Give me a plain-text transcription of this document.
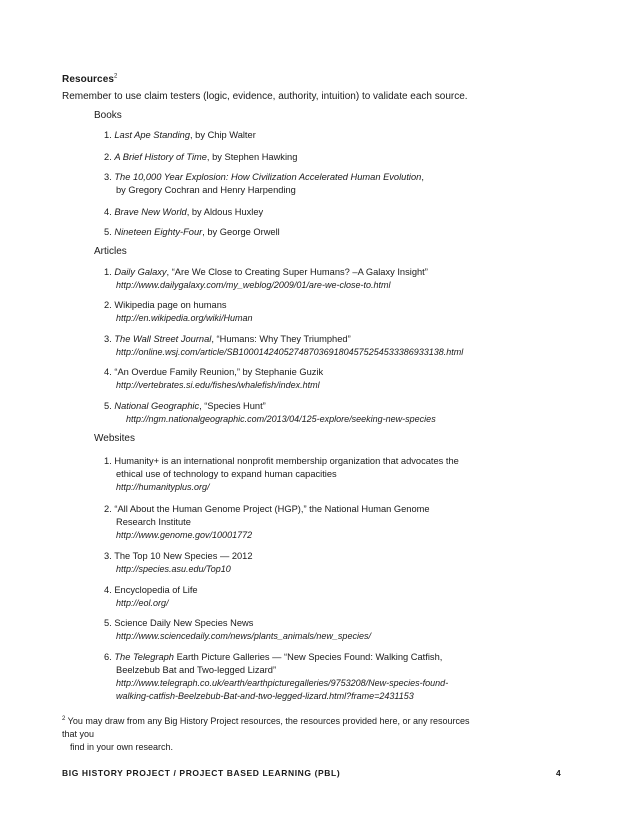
Resources$^2$
Remember to use claim testers (logic, evidence, authority, intuition) to validate each source.
Books
1. Last Ape Standing, by Chip Walter
2. A Brief History of Time, by Stephen Hawking
3. The 10,000 Year Explosion: How Civilization Accelerated Human Evolution,
by Gregory Cochran and Henry Harpending
4. Brave New World, by Aldous Huxley
5. Nineteen Eighty-Four, by George Orwell
Articles
1. Daily Galaxy, “Are We Close to Creating Super Humans? –A Galaxy Insight”
http://www.dailygalaxy.com/my_weblog/2009/01/are-we-close-to.html
2. Wikipedia page on humans
http://en.wikipedia.org/wiki/Human
3. The Wall Street Journal, “Humans: Why They Triumphed”
http://online.wsj.com/article/SB10001424052748703691804575254533386933138.html
4. “An Overdue Family Reunion,” by Stephanie Guzik
http://vertebrates.si.edu/fishes/whalefish/index.html
5. National Geographic, “Species Hunt”
http://ngm.nationalgeographic.com/2013/04/125-explore/seeking-new-species
Websites
1. Humanity+ is an international nonprofit membership organization that advocates the
ethical use of technology to expand human capacities
http://humanityplus.org/
2. “All About the Human Genome Project (HGP),” the National Human Genome
Research Institute
http://www.genome.gov/10001772
3. The Top 10 New Species — 2012
http://species.asu.edu/Top10
4. Encyclopedia of Life
http://eol.org/
5. Science Daily New Species News
http://www.sciencedaily.com/news/plants_animals/new_species/
6. The Telegraph Earth Picture Galleries — “New Species Found: Walking Catfish,
Beelzebub Bat and Two-legged Lizard”
http://www.telegraph.co.uk/earth/earthpicturegalleries/9753208/New-species-found-
walking-catfish-Beelzebub-Bat-and-two-legged-lizard.html?frame=2431153
$^2$ You may draw from any Big History Project resources, the resources provided here, or any resources that you
find in your own research.
BIG HISTORY PROJECT / PROJECT BASED LEARNING (PBL)	4
